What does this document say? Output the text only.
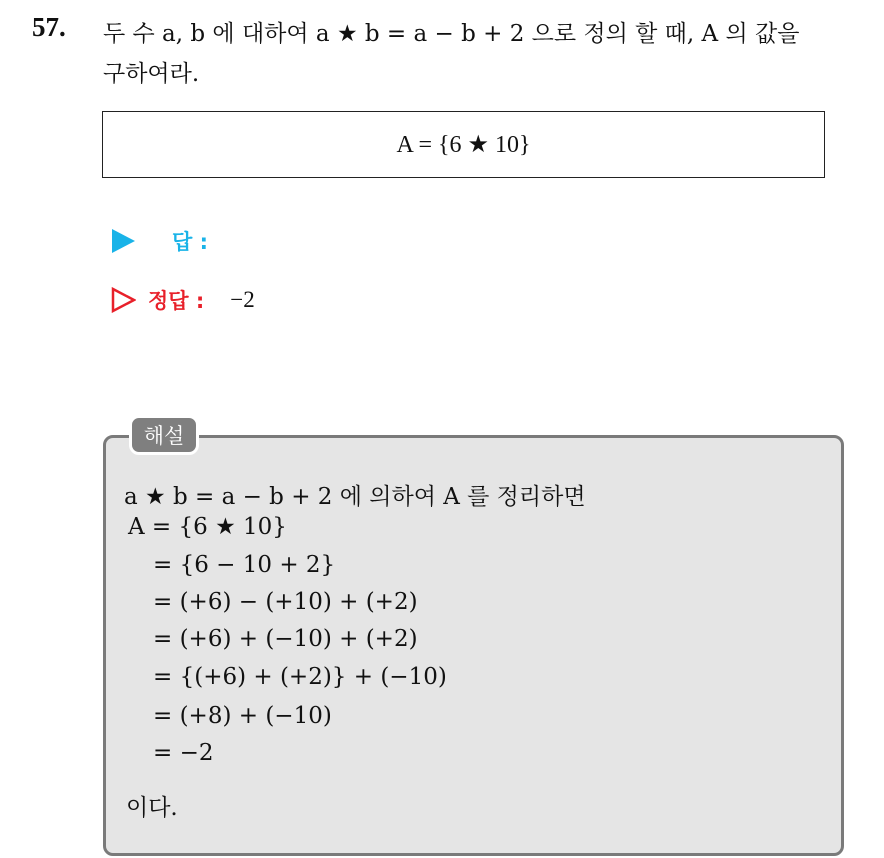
57. 두 수 a, b 에 대하여 a ★ b = a − b + 2 으로 정의 할 때, A 의 값을
구하여라.
A = {6 ★ 10}
답 :
정답 : −2
해설
a ★ b = a − b + 2 에 의하여 A 를 정리하면
A = {6 ★ 10}
= {6 − 10 + 2}
= (+6) − (+10) + (+2)
= (+6) + (−10) + (+2)
= {(+6) + (+2)} + (−10)
= (+8) + (−10)
= −2
이다.
